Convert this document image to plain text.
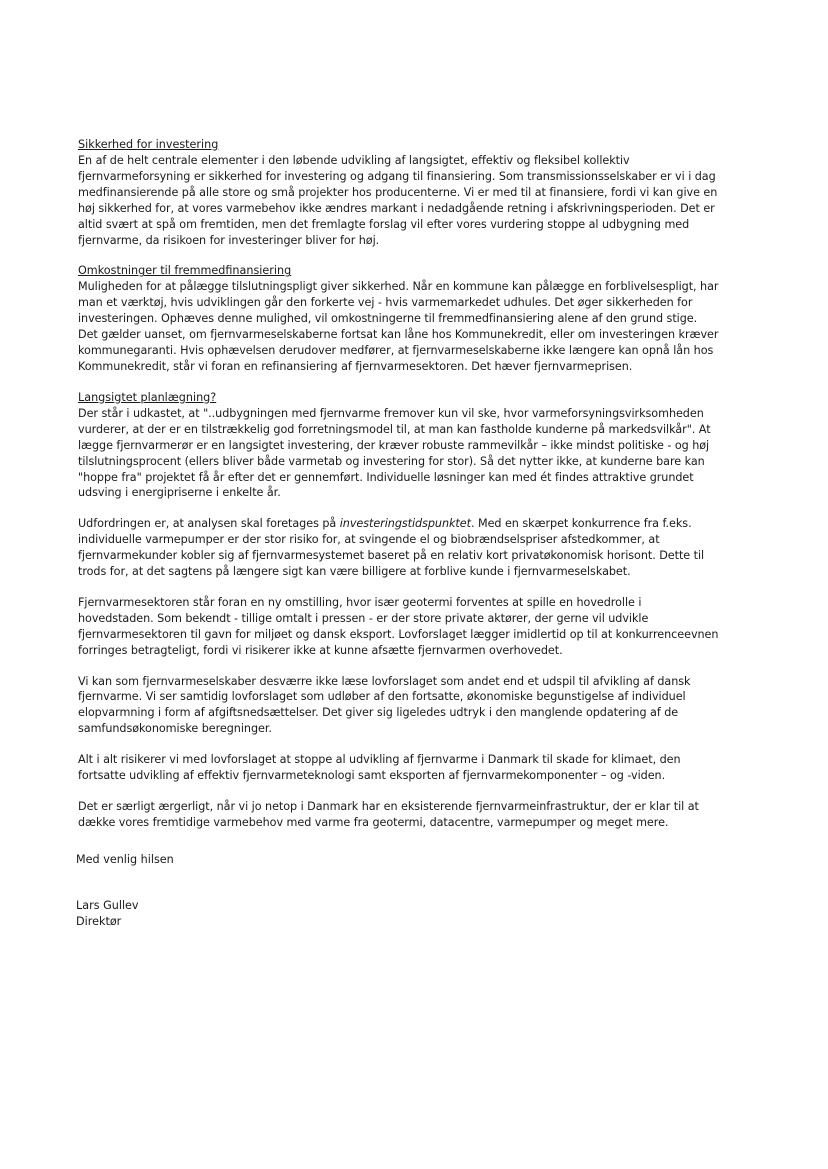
Sikkerhed for investering

En af de helt centrale elementer i den løbende udvikling af langsigtet, effektiv og fleksibel kollektiv fjernvarmeforsyning er sikkerhed for investering og adgang til finansiering. Som transmissionsselskaber er vi i dag medfinansierende på alle store og små projekter hos producenterne. Vi er med til at finansiere, fordi vi kan give en høj sikkerhed for, at vores varmebehov ikke ændres markant i nedadgående retning i afskrivningsperioden. Det er altid svært at spå om fremtiden, men det fremlagte forslag vil efter vores vurdering stoppe al udbygning med fjernvarme, da risikoen for investeringer bliver for høj.

Omkostninger til fremmedfinansiering

Muligheden for at pålægge tilslutningspligt giver sikkerhed. Når en kommune kan pålægge en forblivelsespligt, har man et værktøj, hvis udviklingen går den forkerte vej - hvis varmemarkedet udhules. Det øger sikkerheden for investeringen. Ophæves denne mulighed, vil omkostningerne til fremmedfinansiering alene af den grund stige. Det gælder uanset, om fjernvarmeselskaberne fortsat kan låne hos Kommunekredit, eller om investeringen kræver kommunegaranti. Hvis ophævelsen derudover medfører, at fjernvarmeselskaberne ikke længere kan opnå lån hos Kommunekredit, står vi foran en refinansiering af fjernvarmesektoren. Det hæver fjernvarmeprisen.

Langsigtet planlægning?

Der står i udkastet, at "..udbygningen med fjernvarme fremover kun vil ske, hvor varmeforsyningsvirksomheden vurderer, at der er en tilstrækkelig god forretningsmodel til, at man kan fastholde kunderne på markedsvilkår". At lægge fjernvarmerør er en langsigtet investering, der kræver robuste rammevilkår – ikke mindst politiske - og høj tilslutningsprocent (ellers bliver både varmetab og investering for stor). Så det nytter ikke, at kunderne bare kan "hoppe fra" projektet få år efter det er gennemført. Individuelle løsninger kan med ét findes attraktive grundet udsving i energipriserne i enkelte år.

Udfordringen er, at analysen skal foretages på investeringstidspunktet. Med en skærpet konkurrence fra f.eks. individuelle varmepumper er der stor risiko for, at svingende el og biobrændselspriser afstedkommer, at fjernvarmekunder kobler sig af fjernvarmesystemet baseret på en relativ kort privatøkonomisk horisont. Dette til trods for, at det sagtens på længere sigt kan være billigere at forblive kunde i fjernvarmeselskabet.

Fjernvarmesektoren står foran en ny omstilling, hvor især geotermi forventes at spille en hovedrolle i hovedstaden. Som bekendt - tillige omtalt i pressen - er der store private aktører, der gerne vil udvikle fjernvarmesektoren til gavn for miljøet og dansk eksport. Lovforslaget lægger imidlertid op til at konkurrenceevnen forringes betragteligt, fordi vi risikerer ikke at kunne afsætte fjernvarmen overhovedet.

Vi kan som fjernvarmeselskaber desværre ikke læse lovforslaget som andet end et udspil til afvikling af dansk fjernvarme. Vi ser samtidig lovforslaget som udløber af den fortsatte, økonomiske begunstigelse af individuel elopvarmning i form af afgiftsnedsættelser. Det giver sig ligeledes udtryk i den manglende opdatering af de samfundsøkonomiske beregninger.

Alt i alt risikerer vi med lovforslaget at stoppe al udvikling af fjernvarme i Danmark til skade for klimaet, den fortsatte udvikling af effektiv fjernvarmeteknologi samt eksporten af fjernvarmekomponenter – og -viden.

Det er særligt ærgerligt, når vi jo netop i Danmark har en eksisterende fjernvarmeinfrastruktur, der er klar til at dække vores fremtidige varmebehov med varme fra geotermi, datacentre, varmepumper og meget mere.

Med venlig hilsen
Lars Gullev
Direktør
